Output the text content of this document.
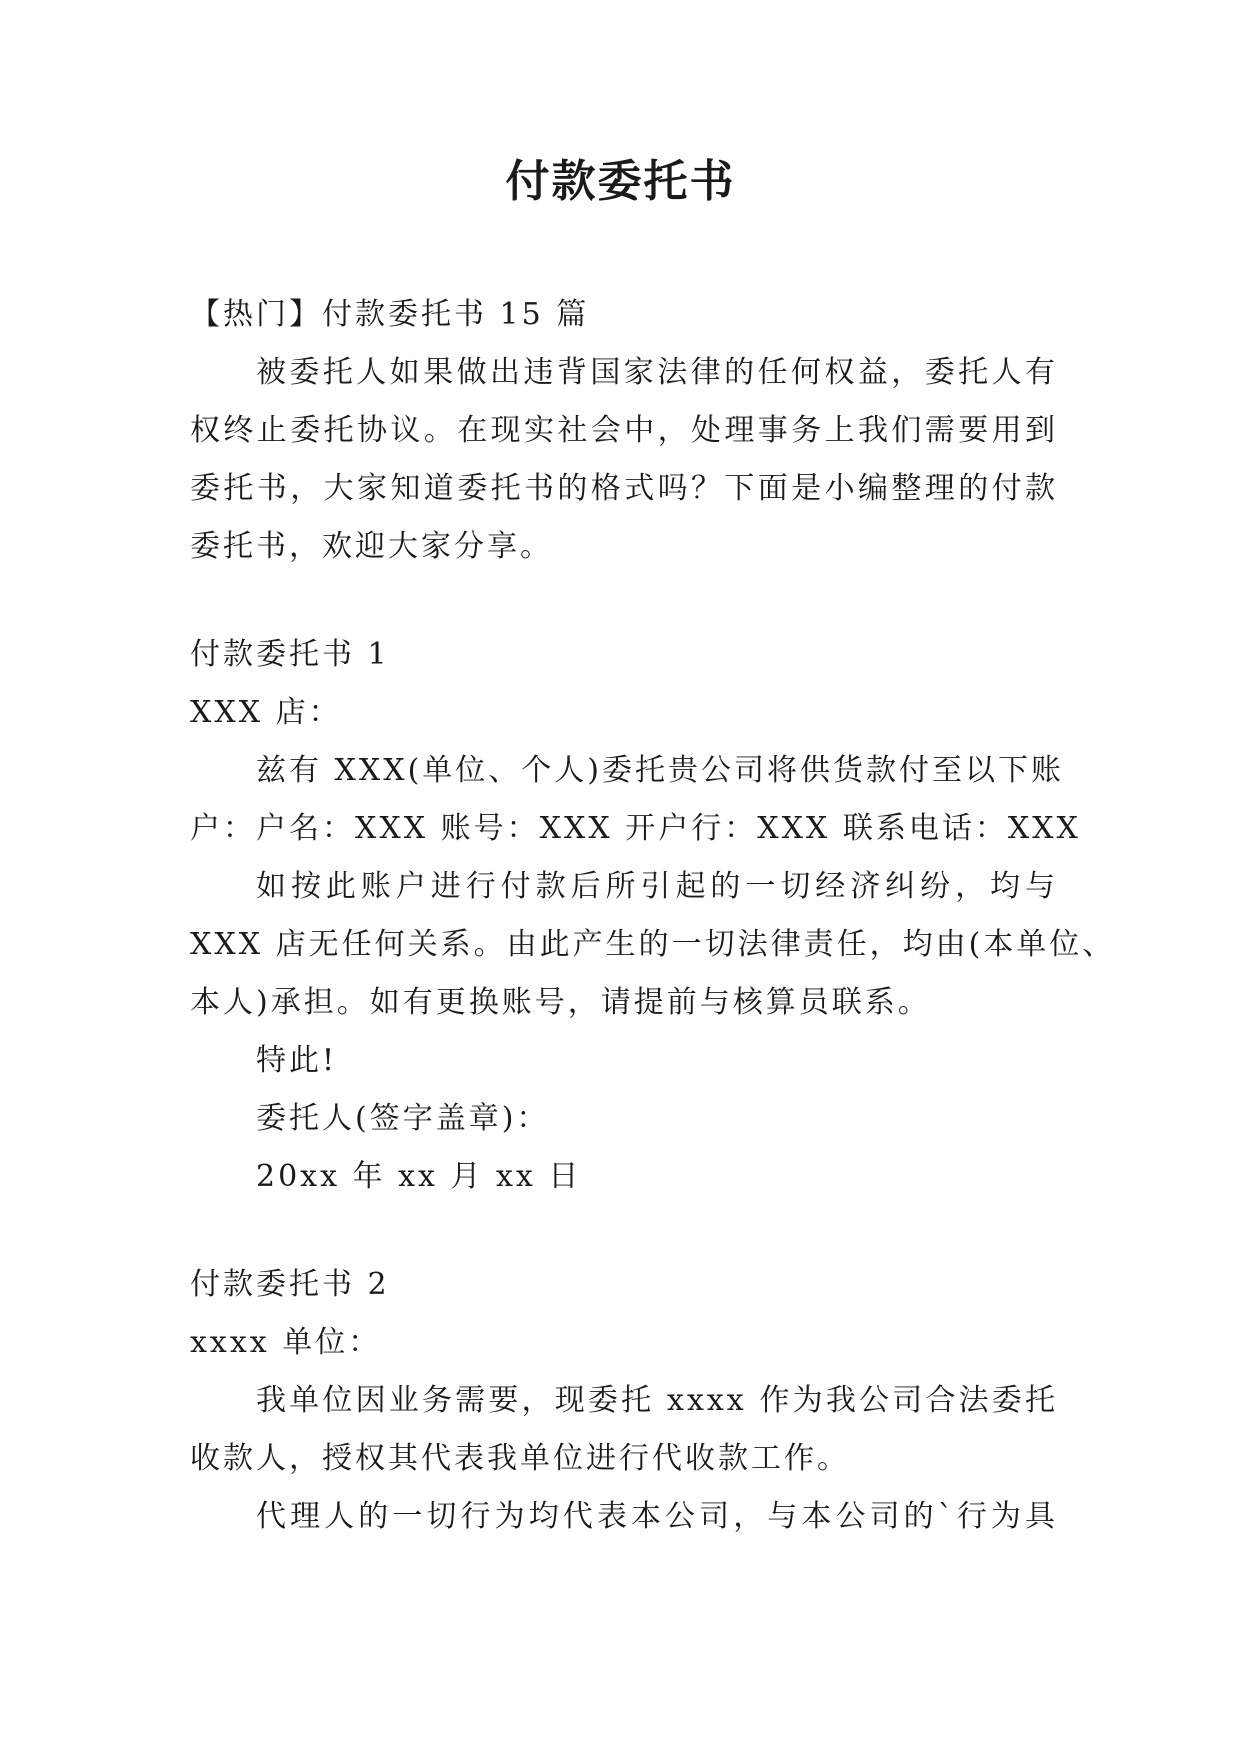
付款委托书

【热门】付款委托书 15 篇

被委托人如果做出违背国家法律的任何权益，委托人有

权终止委托协议。在现实社会中，处理事务上我们需要用到

委托书，大家知道委托书的格式吗？下面是小编整理的付款

委托书，欢迎大家分享。

付款委托书 1

XXX 店：

兹有 XXX(单位、个人)委托贵公司将供货款付至以下账

户：户名：XXX 账号：XXX 开户行：XXX 联系电话：XXX

如按此账户进行付款后所引起的一切经济纠纷，均与

XXX 店无任何关系。由此产生的一切法律责任，均由(本单位、

本人)承担。如有更换账号，请提前与核算员联系。

特此!

委托人(签字盖章)：

20xx 年 xx 月 xx 日

付款委托书 2

xxxx 单位：

我单位因业务需要，现委托 xxxx 作为我公司合法委托

收款人，授权其代表我单位进行代收款工作。

代理人的一切行为均代表本公司，与本公司的`行为具
